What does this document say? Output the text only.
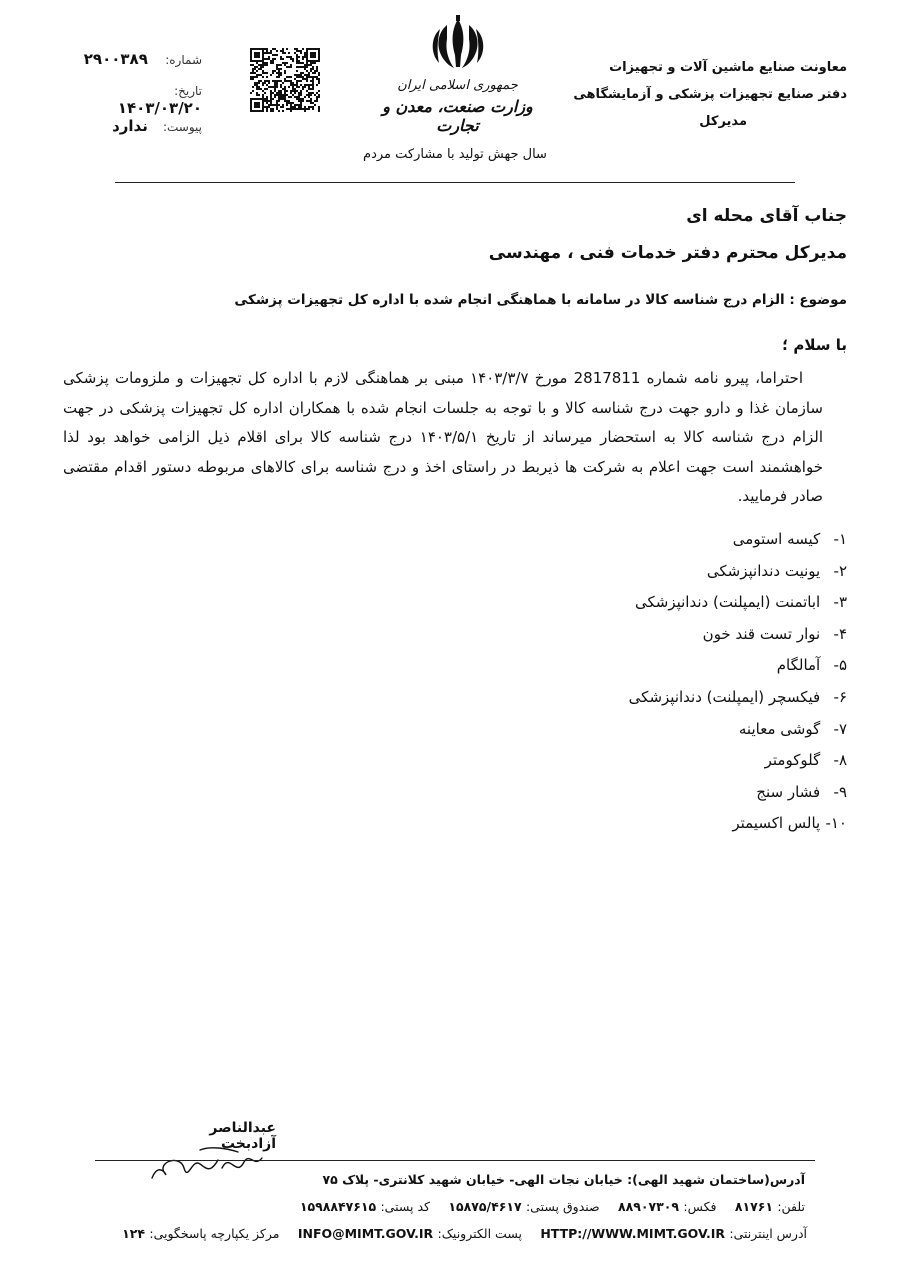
معاونت صنایع ماشین آلات و تجهیزات
دفتر صنایع تجهیزات پزشکی و آزمایشگاهی
مدیرکل
جمهوری اسلامی ایران
وزارت صنعت، معدن و تجارت
سال جهش تولید با مشارکت مردم
شماره: ۲۹۰۰۳۸۹
تاریخ: ۱۴۰۳/۰۳/۲۰
پیوست: ندارد
جناب آقای محله ای
مدیرکل محترم دفتر خدمات فنی ، مهندسی
موضوع : الزام درج شناسه کالا در سامانه با هماهنگی انجام شده با اداره کل تجهیزات پزشکی
با سلام ؛

احتراما، پیرو نامه شماره 2817811 مورخ ۱۴۰۳/۳/۷ مبنی بر هماهنگی لازم با اداره کل تجهیزات و ملزومات پزشکی سازمان غذا و دارو جهت درج شناسه کالا و با توجه به جلسات انجام شده با همکاران اداره کل تجهیزات پزشکی در جهت الزام درج شناسه کالا به استحضار میرساند از تاریخ ۱۴۰۳/۵/۱ درج شناسه کالا برای اقلام ذیل الزامی خواهد بود لذا خواهشمند است جهت اعلام به شرکت ها ذیربط در راستای اخذ و درج شناسه برای کالاهای مربوطه دستور اقدام مقتضی صادر فرمایید.

۱- کیسه استومی
۲- یونیت دندانپزشکی
۳- اباتمنت (ایمپلنت) دندانپزشکی
۴- نوار تست قند خون
۵- آمالگام
۶- فیکسچر (ایمپلنت) دندانپزشکی
۷- گوشی معاینه
۸- گلوکومتر
۹- فشار سنج
۱۰- پالس اکسیمتر
عبدالناصر آزادبخت
آدرس(ساختمان شهید الهی): خیابان نجات الهی- خیابان شهید کلانتری- پلاک ۷۵
تلفن: ۸۱۷۶۱ فکس: ۸۸۹۰۷۳۰۹ صندوق پستی: ۱۵۸۷۵/۴۶۱۷ کد پستی: ۱۵۹۸۸۴۷۶۱۵
آدرس اینترنتی: HTTP://WWW.MIMT.GOV.IR پست الکترونیک: INFO@MIMT.GOV.IR مرکز یکپارچه پاسخگویی: ۱۲۴
